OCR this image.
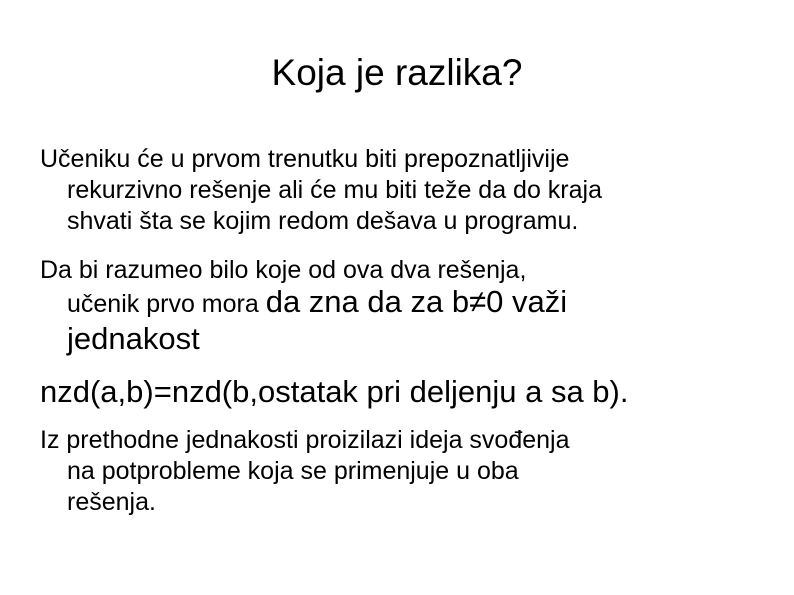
Koja je razlika?

Učeniku će u prvom trenutku biti prepoznatljivije
rekurzivno rešenje ali će mu biti teže da do kraja
shvati šta se kojim redom dešava u programu.

Da bi razumeo bilo koje od ova dva rešenja,
učenik prvo mora da zna da za b≠0 važi
jednakost

nzd(a,b)=nzd(b,ostatak pri deljenju a sa b).

Iz prethodne jednakosti proizilazi ideja svođenja
na potprobleme koja se primenjuje u oba
rešenja.
